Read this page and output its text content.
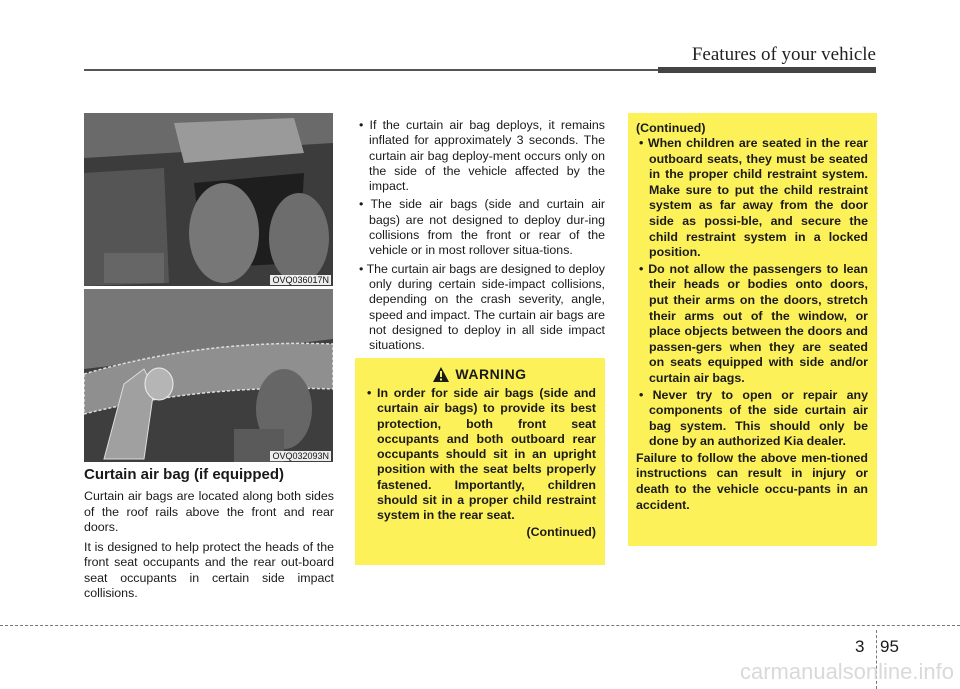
Features of your vehicle
OVQ036017N
OVQ032093N
Curtain air bag (if equipped)

Curtain air bags are located along both sides of the roof rails above the front and rear doors.

It is designed to help protect the heads of the front seat occupants and the rear out-board seat occupants in certain side impact collisions.

• If the curtain air bag deploys, it remains inflated for approximately 3 seconds. The curtain air bag deploy-ment occurs only on the side of the vehicle affected by the impact.

• The side air bags (side and curtain air bags) are not designed to deploy dur-ing collisions from the front or rear of the vehicle or in most rollover situa-tions.

• The curtain air bags are designed to deploy only during certain side-impact collisions, depending on the crash severity, angle, speed and impact. The curtain air bags are not designed to deploy in all side impact situations.

WARNING

• In order for side air bags (side and curtain air bags) to provide its best protection, both front seat occupants and both outboard rear occupants should sit in an upright position with the seat belts properly fastened. Importantly, children should sit in a proper child restraint system in the rear seat.

(Continued)

(Continued)

• When children are seated in the rear outboard seats, they must be seated in the proper child restraint system. Make sure to put the child restraint system as far away from the door side as possi-ble, and secure the child restraint system in a locked position.

• Do not allow the passengers to lean their heads or bodies onto doors, put their arms on the doors, stretch their arms out of the window, or place objects between the doors and passen-gers when they are seated on seats equipped with side and/or curtain air bags.

• Never try to open or repair any components of the side curtain air bag system. This should only be done by an authorized Kia dealer.

Failure to follow the above men-tioned instructions can result in injury or death to the vehicle occu-pants in an accident.

3 95
carmanualsonline.info
